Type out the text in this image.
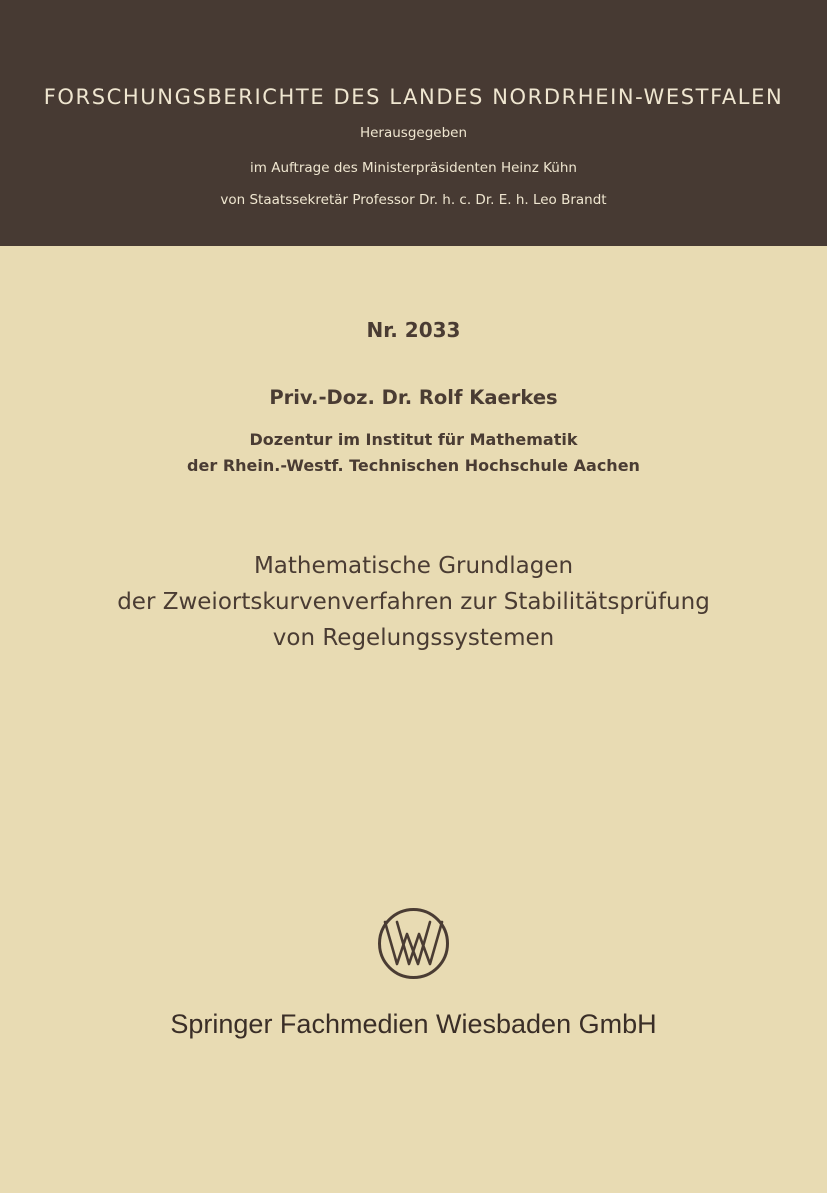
FORSCHUNGSBERICHTE DES LANDES NORDRHEIN-WESTFALEN
Herausgegeben
im Auftrage des Ministerpräsidenten Heinz Kühn
von Staatssekretär Professor Dr. h. c. Dr. E. h. Leo Brandt
Nr. 2033
Priv.-Doz. Dr. Rolf Kaerkes
Dozentur im Institut für Mathematik
der Rhein.-Westf. Technischen Hochschule Aachen
Mathematische Grundlagen
der Zweiortskurvenverfahren zur Stabilitätsprüfung
von Regelungssystemen
Springer Fachmedien Wiesbaden GmbH
